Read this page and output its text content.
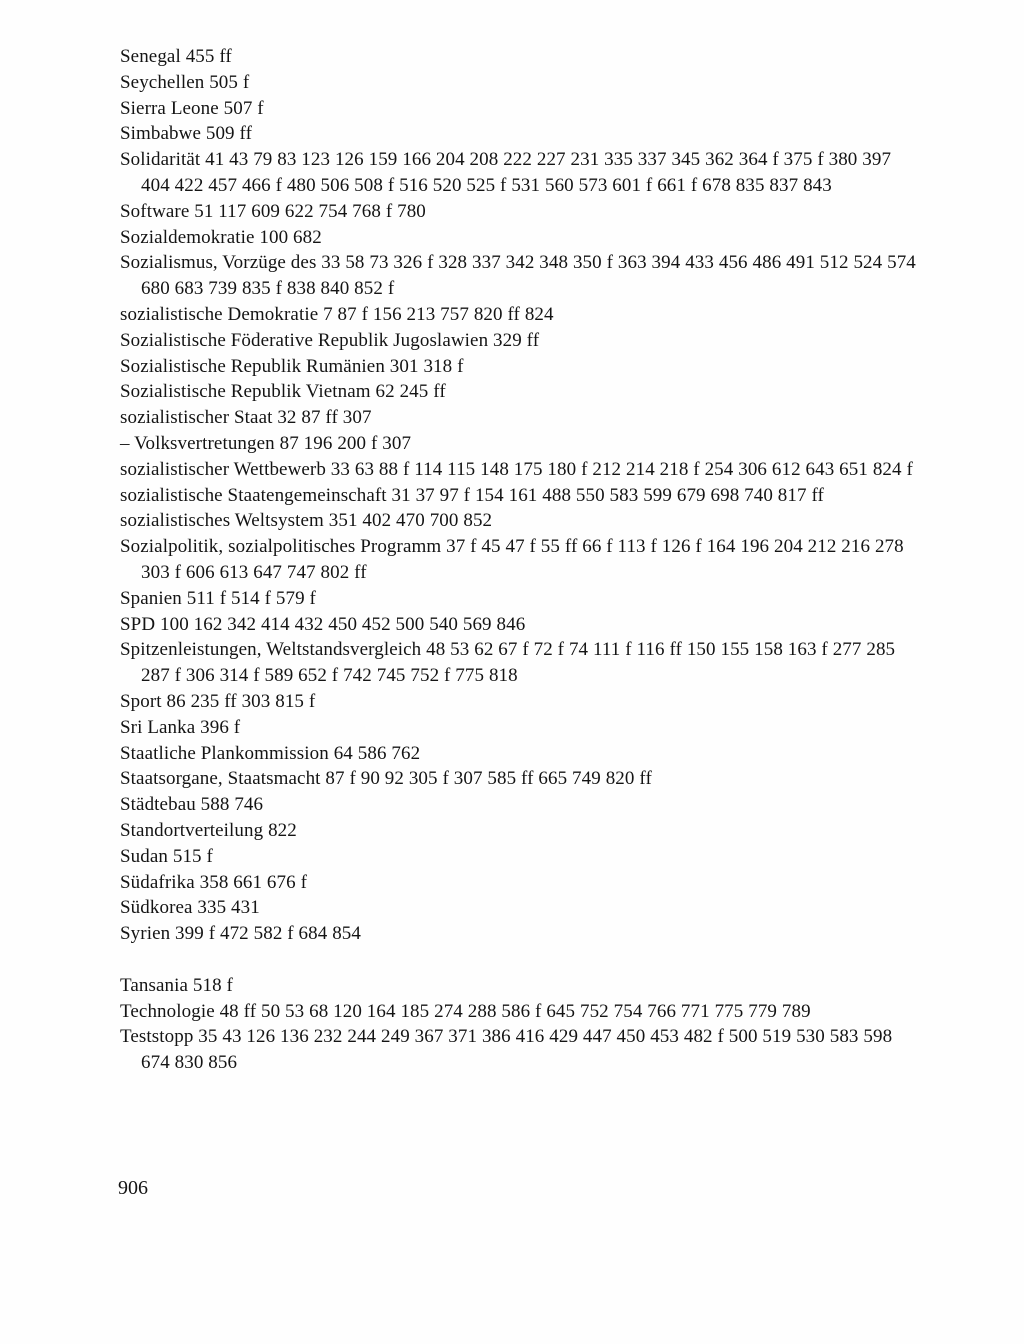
Senegal 455 ff
Seychellen 505 f
Sierra Leone 507 f
Simbabwe 509 ff
Solidarität 41 43 79 83 123 126 159 166 204 208 222 227 231 335 337 345 362 364 f 375 f 380 397 404 422 457 466 f 480 506 508 f 516 520 525 f 531 560 573 601 f 661 f 678 835 837 843
Software 51 117 609 622 754 768 f 780
Sozialdemokratie 100 682
Sozialismus, Vorzüge des 33 58 73 326 f 328 337 342 348 350 f 363 394 433 456 486 491 512 524 574 680 683 739 835 f 838 840 852 f
sozialistische Demokratie 7 87 f 156 213 757 820 ff 824
Sozialistische Föderative Republik Jugoslawien 329 ff
Sozialistische Republik Rumänien 301 318 f
Sozialistische Republik Vietnam 62 245 ff
sozialistischer Staat 32 87 ff 307
– Volksvertretungen 87 196 200 f 307
sozialistischer Wettbewerb 33 63 88 f 114 115 148 175 180 f 212 214 218 f 254 306 612 643 651 824 f
sozialistische Staatengemeinschaft 31 37 97 f 154 161 488 550 583 599 679 698 740 817 ff
sozialistisches Weltsystem 351 402 470 700 852
Sozialpolitik, sozialpolitisches Programm 37 f 45 47 f 55 ff 66 f 113 f 126 f 164 196 204 212 216 278 303 f 606 613 647 747 802 ff
Spanien 511 f 514 f 579 f
SPD 100 162 342 414 432 450 452 500 540 569 846
Spitzenleistungen, Weltstandsvergleich 48 53 62 67 f 72 f 74 111 f 116 ff 150 155 158 163 f 277 285 287 f 306 314 f 589 652 f 742 745 752 f 775 818
Sport 86 235 ff 303 815 f
Sri Lanka 396 f
Staatliche Plankommission 64 586 762
Staatsorgane, Staatsmacht 87 f 90 92 305 f 307 585 ff 665 749 820 ff
Städtebau 588 746
Standortverteilung 822
Sudan 515 f
Südafrika 358 661 676 f
Südkorea 335 431
Syrien 399 f 472 582 f 684 854
Tansania 518 f
Technologie 48 ff 50 53 68 120 164 185 274 288 586 f 645 752 754 766 771 775 779 789
Teststopp 35 43 126 136 232 244 249 367 371 386 416 429 447 450 453 482 f 500 519 530 583 598 674 830 856
906
